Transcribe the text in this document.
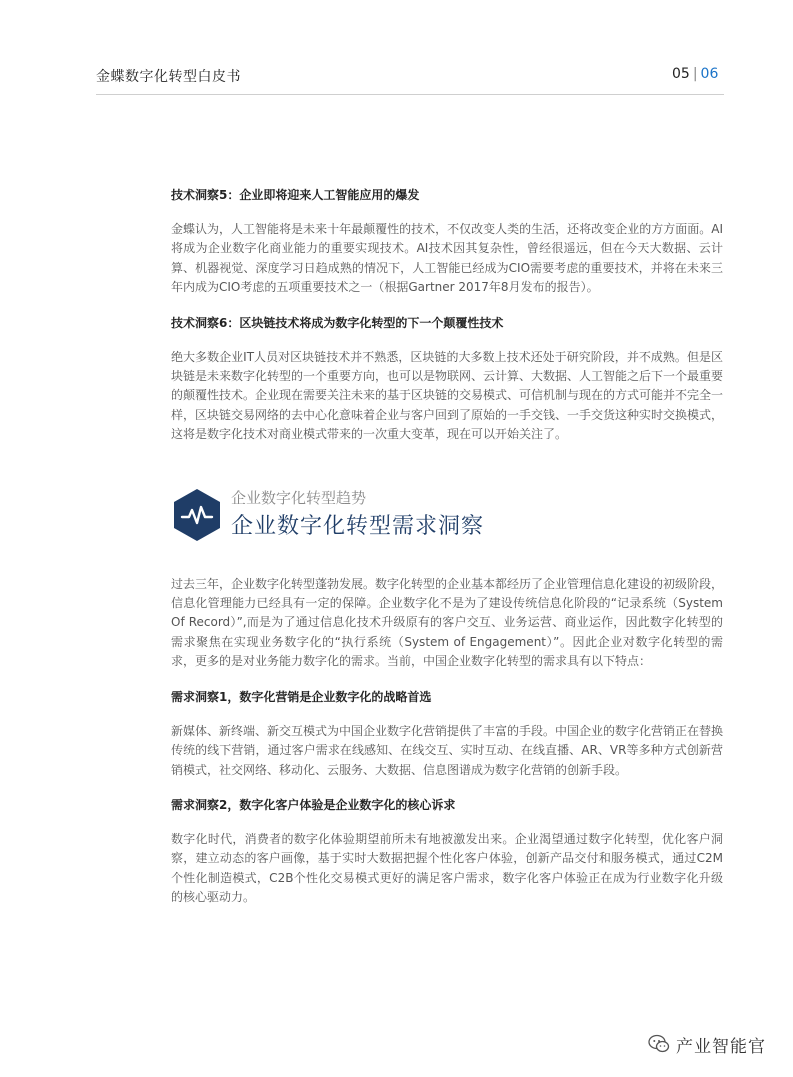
金蝶数字化转型白皮书	05 | 06
技术洞察5：企业即将迎来人工智能应用的爆发
金蝶认为，人工智能将是未来十年最颠覆性的技术，不仅改变人类的生活，还将改变企业的方方面面。AI将成为企业数字化商业能力的重要实现技术。AI技术因其复杂性，曾经很遥远，但在今天大数据、云计算、机器视觉、深度学习日趋成熟的情况下，人工智能已经成为CIO需要考虑的重要技术，并将在未来三年内成为CIO考虑的五项重要技术之一（根据Gartner 2017年8月发布的报告）。
技术洞察6：区块链技术将成为数字化转型的下一个颠覆性技术
绝大多数企业IT人员对区块链技术并不熟悉，区块链的大多数上技术还处于研究阶段，并不成熟。但是区块链是未来数字化转型的一个重要方向，也可以是物联网、云计算、大数据、人工智能之后下一个最重要的颠覆性技术。企业现在需要关注未来的基于区块链的交易模式、可信机制与现在的方式可能并不完全一样，区块链交易网络的去中心化意味着企业与客户回到了原始的一手交钱、一手交货这种实时交换模式，这将是数字化技术对商业模式带来的一次重大变革，现在可以开始关注了。
企业数字化转型趋势
企业数字化转型需求洞察
过去三年，企业数字化转型蓬勃发展。数字化转型的企业基本都经历了企业管理信息化建设的初级阶段，信息化管理能力已经具有一定的保障。企业数字化不是为了建设传统信息化阶段的“记录系统（System Of Record）”,而是为了通过信息化技术升级原有的客户交互、业务运营、商业运作，因此数字化转型的需求聚焦在实现业务数字化的“执行系统（System of Engagement）”。因此企业对数字化转型的需求，更多的是对业务能力数字化的需求。当前，中国企业数字化转型的需求具有以下特点：
需求洞察1，数字化营销是企业数字化的战略首选
新媒体、新终端、新交互模式为中国企业数字化营销提供了丰富的手段。中国企业的数字化营销正在替换传统的线下营销，通过客户需求在线感知、在线交互、实时互动、在线直播、AR、VR等多种方式创新营销模式，社交网络、移动化、云服务、大数据、信息图谱成为数字化营销的创新手段。
需求洞察2，数字化客户体验是企业数字化的核心诉求
数字化时代，消费者的数字化体验期望前所未有地被激发出来。企业渴望通过数字化转型，优化客户洞察，建立动态的客户画像，基于实时大数据把握个性化客户体验，创新产品交付和服务模式，通过C2M个性化制造模式，C2B个性化交易模式更好的满足客户需求，数字化客户体验正在成为行业数字化升级的核心驱动力。
产业智能官
